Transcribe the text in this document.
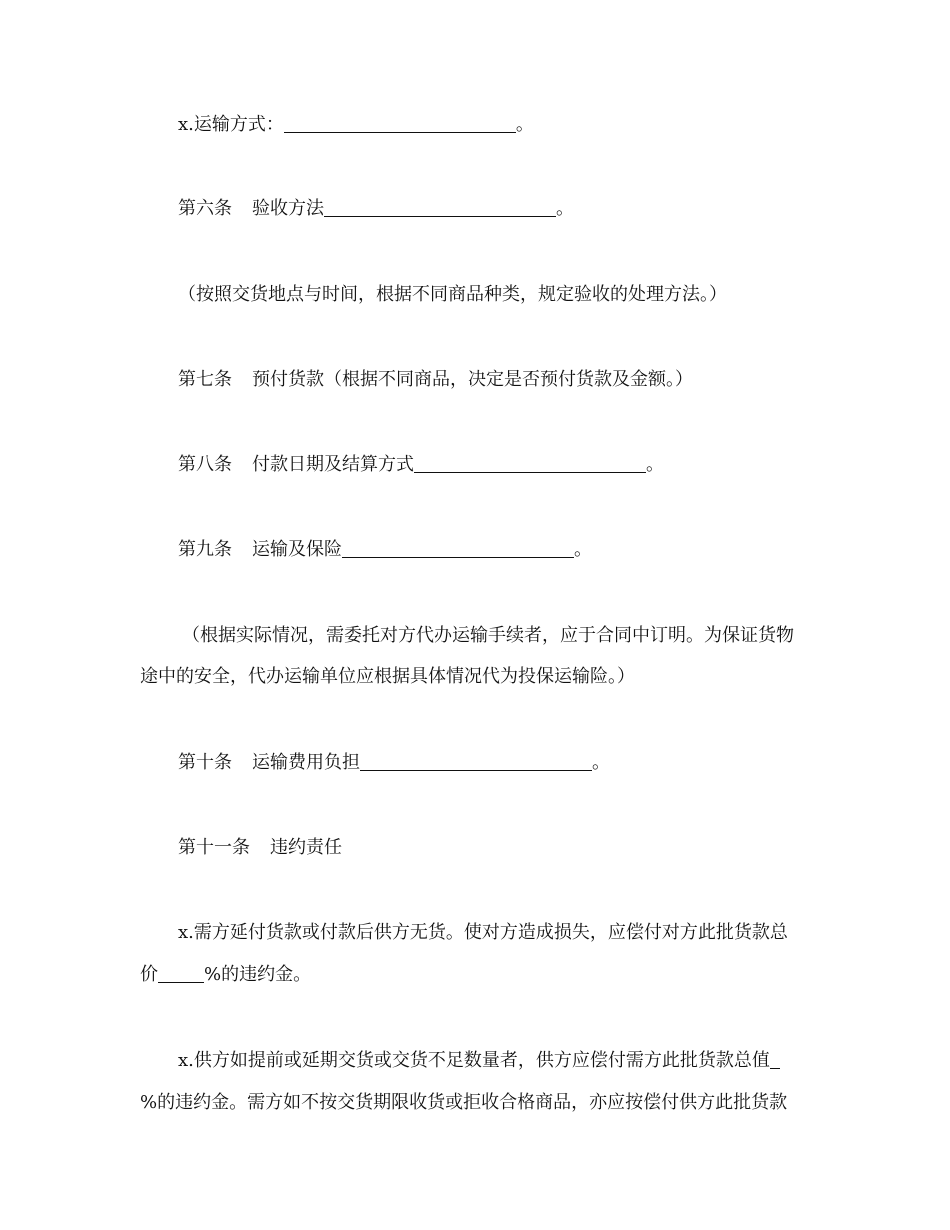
x.运输方式：	。
第六条 验收方法	。
（按照交货地点与时间，根据不同商品种类，规定验收的处理方法。）
第七条 预付货款（根据不同商品，决定是否预付货款及金额。）
第八条 付款日期及结算方式	。
第九条 运输及保险	。
（根据实际情况，需委托对方代办运输手续者，应于合同中订明。为保证货物
途中的安全，代办运输单位应根据具体情况代为投保运输险。）
第十条 运输费用负担	。
第十一条 违约责任
x.需方延付货款或付款后供方无货。使对方造成损失，应偿付对方此批货款总
价	%的违约金。
x.供方如提前或延期交货或交货不足数量者，供方应偿付需方此批货款总值
%的违约金。需方如不按交货期限收货或拒收合格商品，亦应按偿付供方此批货款
